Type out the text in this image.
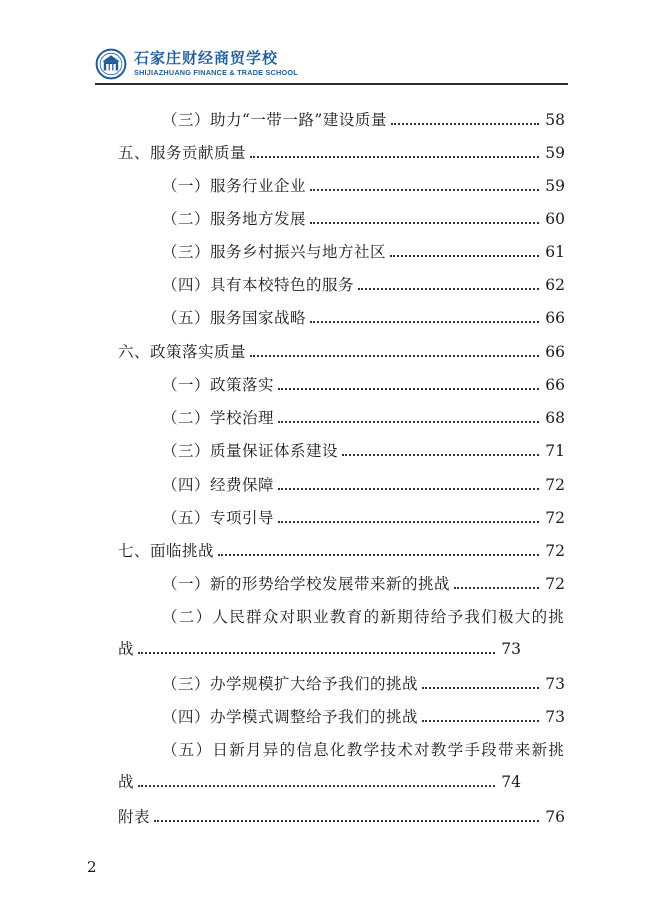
石家庄财经商贸学校
SHIJIAZHUANG FINANCE & TRADE SCHOOL
（三）助力“一带一路”建设质量	58
五、服务贡献质量	59
（一）服务行业企业	59
（二）服务地方发展	60
（三）服务乡村振兴与地方社区	61
（四）具有本校特色的服务	62
（五）服务国家战略	66
六、政策落实质量	66
（一）政策落实	66
（二）学校治理	68
（三）质量保证体系建设	71
（四）经费保障	72
（五）专项引导	72
七、面临挑战	72
（一）新的形势给学校发展带来新的挑战	72
（二）人民群众对职业教育的新期待给予我们极大的挑
战	73
（三）办学规模扩大给予我们的挑战	73
（四）办学模式调整给予我们的挑战	73
（五）日新月异的信息化教学技术对教学手段带来新挑
战	74
附表	76
2
